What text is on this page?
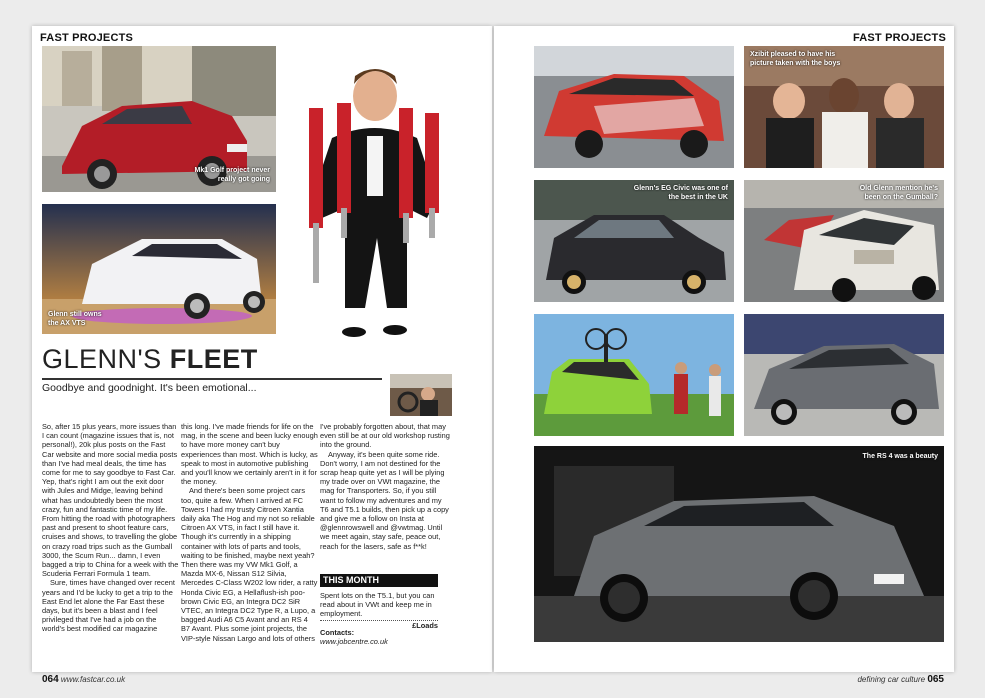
FAST PROJECTS
Mk1 Golf project never really got going
Glenn still owns the AX VTS
GLENN'S FLEET
Goodbye and goodnight. It's been emotional...

So, after 15 plus years, more issues than I can count (magazine issues that is, not personal!), 20k plus posts on the Fast Car website and more social media posts than I've had meal deals, the time has come for me to say goodbye to Fast Car. Yep, that's right I am out the exit door with Jules and Midge, leaving behind what has undoubtedly been the most crazy, fun and fantastic time of my life. From hitting the road with photographers past and present to shoot feature cars, cruises and shows, to travelling the globe on crazy road trips such as the Gumball 3000, the Scum Run... damn, I even bagged a trip to China for a week with the Scuderia Ferrari Formula 1 team.

Sure, times have changed over recent years and I'd be lucky to get a trip to the East End let alone the Far East these days, but it's been a blast and I feel privileged that I've had a job on the world's best modified car magazine

this long. I've made friends for life on the mag, in the scene and been lucky enough to have more money can't buy experiences than most. Which is lucky, as speak to most in automotive publishing and you'll know we certainly aren't in it for the money.

And there's been some project cars too, quite a few. When I arrived at FC Towers I had my trusty Citroen Xantia daily aka The Hog and my not so reliable Citroen AX VTS, in fact I still have it. Though it's currently in a shipping container with lots of parts and tools, waiting to be finished, maybe next yeah? Then there was my VW Mk1 Golf, a Mazda MX-6, Nissan S12 Silvia, Mercedes C-Class W202 low rider, a ratty Honda Civic EG, a Hellaflush-ish poo-brown Civic EG, an Integra DC2 SiR VTEC, an Integra DC2 Type R, a Lupo, a bagged Audi A6 C5 Avant and an RS 4 B7 Avant. Plus some joint projects, the VIP-style Nissan Largo and lots of others

I've probably forgotten about, that may even still be at our old workshop rusting into the ground.

Anyway, it's been quite some ride. Don't worry, I am not destined for the scrap heap quite yet as I will be plying my trade over on VWt magazine, the mag for Transporters. So, if you still want to follow my adventures and my T6 and T5.1 builds, then pick up a copy and give me a follow on Insta at @glennrowswell and @vwtmag. Until we meet again, stay safe, peace out, reach for the lasers, safe as f**k!

THIS MONTH
Spent lots on the T5.1, but you can read about in VWt and keep me in employment.
£Loads
Contacts:
www.jobcentre.co.uk
064 www.fastcar.co.uk
FAST PROJECTS
Xzibit pleased to have his picture taken with the boys
Glenn's EG Civic was one of the best in the UK
Old Glenn mention he's been on the Gumball?
The RS 4 was a beauty
defining car culture 065
